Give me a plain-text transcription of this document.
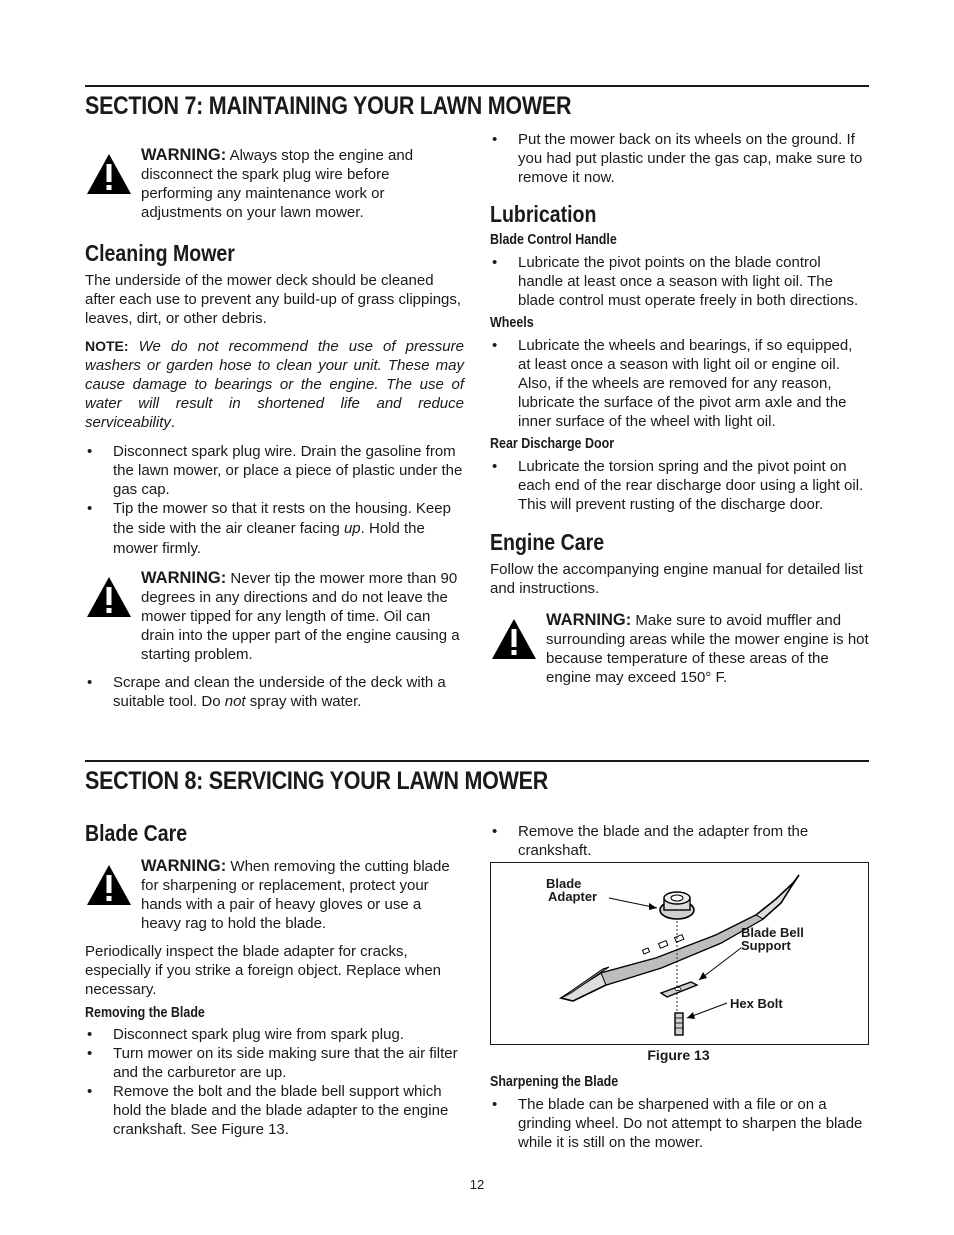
SECTION 7: MAINTAINING YOUR LAWN MOWER

WARNING: Always stop the engine and disconnect the spark plug wire before performing any maintenance work or adjustments on your lawn mower.

Cleaning Mower

The underside of the mower deck should be cleaned after each use to prevent any build-up of grass clippings, leaves, dirt, or other debris.

NOTE: We do not recommend the use of pressure washers or garden hose to clean your unit. These may cause damage to bearings or the engine. The use of water will result in shortened life and reduce serviceability.

• Disconnect spark plug wire. Drain the gasoline from the lawn mower, or place a piece of plastic under the gas cap.
• Tip the mower so that it rests on the housing. Keep the side with the air cleaner facing up. Hold the mower firmly.

WARNING: Never tip the mower more than 90 degrees in any directions and do not leave the mower tipped for any length of time. Oil can drain into the upper part of the engine causing a starting problem.

• Scrape and clean the underside of the deck with a suitable tool. Do not spray with water.
• Put the mower back on its wheels on the ground. If you had put plastic under the gas cap, make sure to remove it now.
Lubrication
Blade Control Handle
• Lubricate the pivot points on the blade control handle at least once a season with light oil. The blade control must operate freely in both directions.
Wheels
• Lubricate the wheels and bearings, if so equipped, at least once a season with light oil or engine oil. Also, if the wheels are removed for any reason, lubricate the surface of the pivot arm axle and the inner surface of the wheel with light oil.
Rear Discharge Door
• Lubricate the torsion spring and the pivot point on each end of the rear discharge door using a light oil. This will prevent rusting of the discharge door.
Engine Care

Follow the accompanying engine manual for detailed list and instructions.

WARNING: Make sure to avoid muffler and surrounding areas while the mower engine is hot because temperature of these areas of the engine may exceed 150° F.

SECTION 8: SERVICING YOUR LAWN MOWER
Blade Care

WARNING: When removing the cutting blade for sharpening or replacement, protect your hands with a pair of heavy gloves or use a heavy rag to hold the blade.

Periodically inspect the blade adapter for cracks, especially if you strike a foreign object. Replace when necessary.

Removing the Blade
• Disconnect spark plug wire from spark plug.
• Turn mower on its side making sure that the air filter and the carburetor are up.
• Remove the bolt and the blade bell support which hold the blade and the blade adapter to the engine crankshaft. See Figure 13.
• Remove the blade and the adapter from the crankshaft.
Blade
Adapter
Blade Bell
Support
Hex Bolt
Figure 13
Sharpening the Blade
• The blade can be sharpened with a file or on a grinding wheel. Do not attempt to sharpen the blade while it is still on the mower.
12
